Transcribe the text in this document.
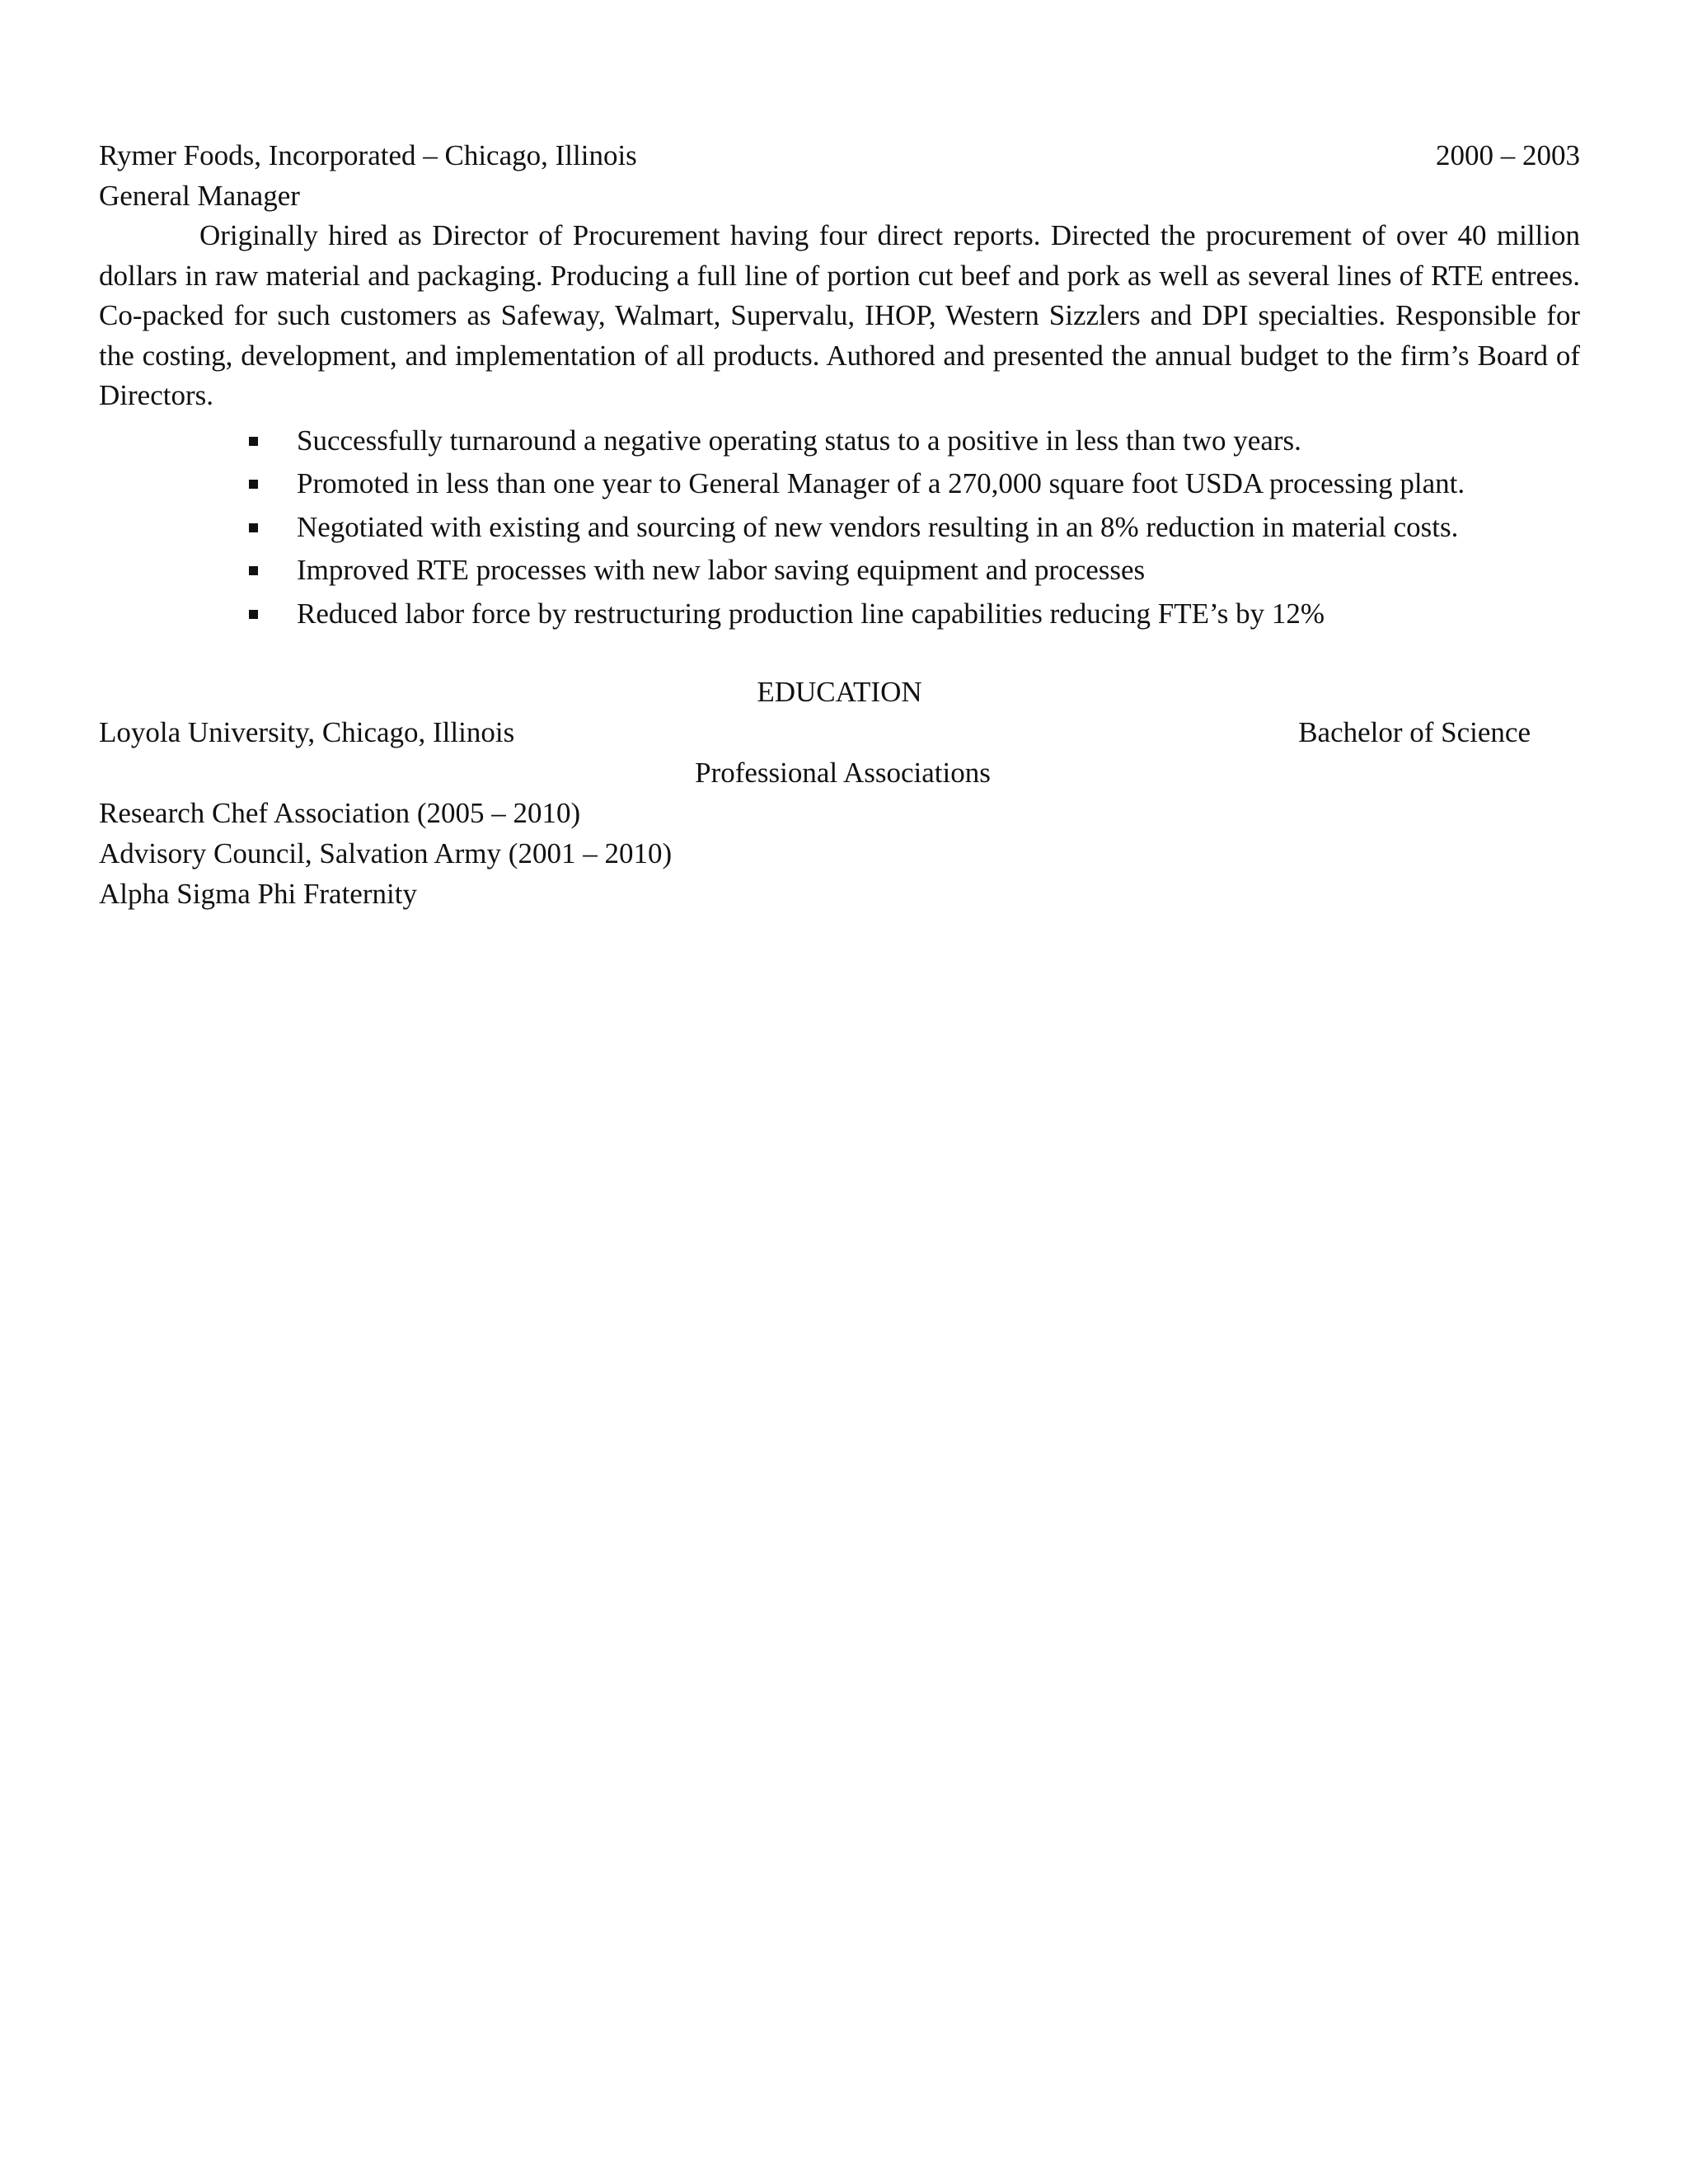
Rymer Foods, Incorporated – Chicago, Illinois	2000 – 2003
General Manager

Originally hired as Director of Procurement having four direct reports. Directed the procurement of over 40 million dollars in raw material and packaging. Producing a full line of portion cut beef and pork as well as several lines of RTE entrees. Co-packed for such customers as Safeway, Walmart, Supervalu, IHOP, Western Sizzlers and DPI specialties. Responsible for the costing, development, and implementation of all products. Authored and presented the annual budget to the firm’s Board of Directors.

Successfully turnaround a negative operating status to a positive in less than two years.
Promoted in less than one year to General Manager of a 270,000 square foot USDA processing plant.
Negotiated with existing and sourcing of new vendors resulting in an 8% reduction in material costs.
Improved RTE processes with new labor saving equipment and processes
Reduced labor force by restructuring production line capabilities reducing FTE’s by 12%
EDUCATION
Loyola University, Chicago, Illinois	Bachelor of Science
Professional Associations
Research Chef Association (2005 – 2010)
Advisory Council, Salvation Army (2001 – 2010)
Alpha Sigma Phi Fraternity
